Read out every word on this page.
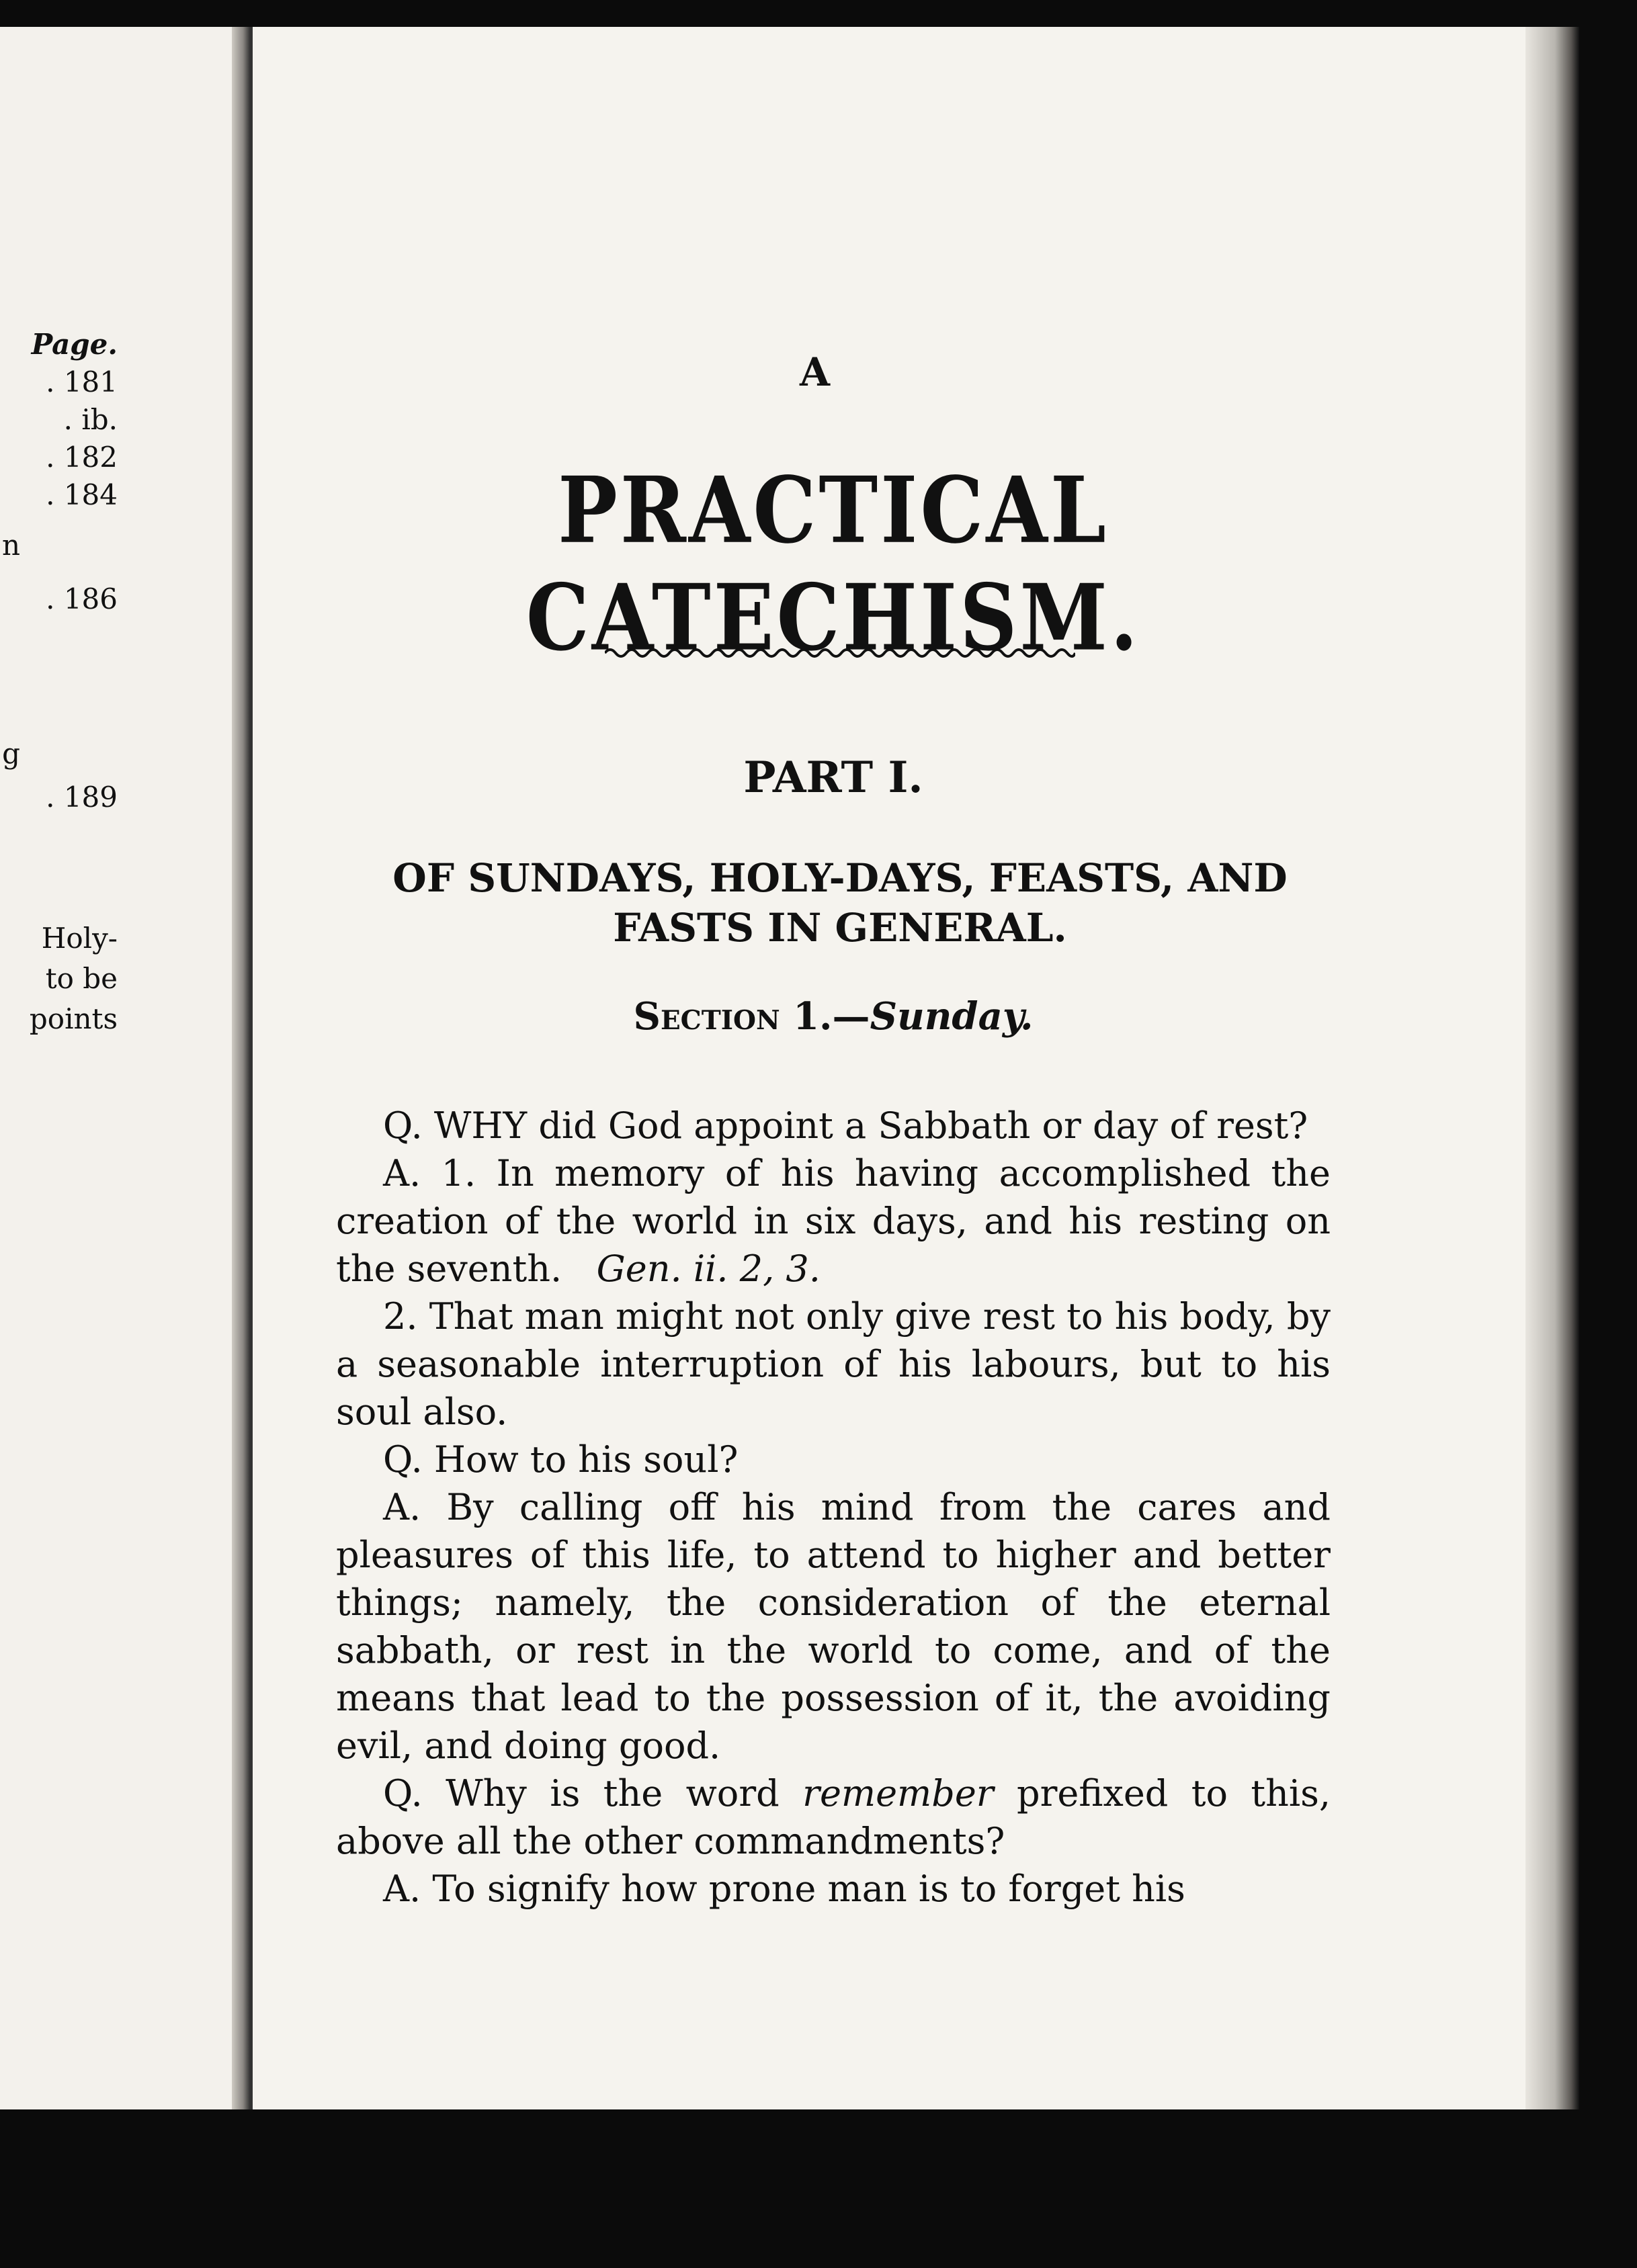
Page.
. 181
. ib.
. 182
. 184
n
. 186
g
. 189
Holy-
to be
points
A
PRACTICAL CATECHISM.
PART I.
OF SUNDAYS, HOLY-DAYS, FEASTS, AND
FASTS IN GENERAL.
Section 1.—Sunday.

Q. WHY did God appoint a Sabbath or day of rest?

A. 1. In memory of his having accomplished the creation of the world in six days, and his resting on the seventh. Gen. ii. 2, 3.

2. That man might not only give rest to his body, by a seasonable interruption of his labours, but to his soul also.

Q. How to his soul?

A. By calling off his mind from the cares and pleasures of this life, to attend to higher and better things; namely, the consideration of the eternal sabbath, or rest in the world to come, and of the means that lead to the possession of it, the avoiding evil, and doing good.

Q. Why is the word remember prefixed to this, above all the other commandments?

A. To signify how prone man is to forget his
